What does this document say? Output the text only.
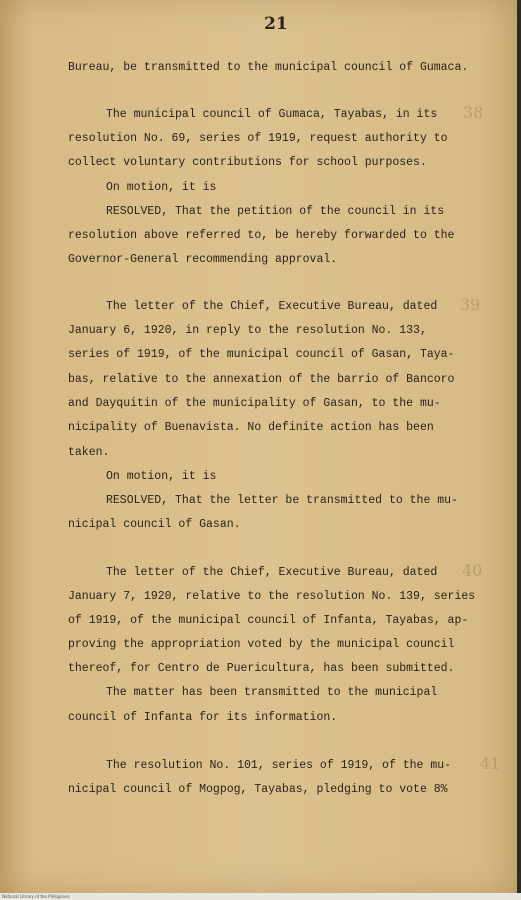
21
Bureau, be transmitted to the municipal council of Gumaca.
The municipal council of Gumaca, Tayabas, in its 38
resolution No. 69, series of 1919, request authority to
collect voluntary contributions for school purposes.
On motion, it is
RESOLVED, That the petition of the council in its
resolution above referred to, be hereby forwarded to the
Governor-General recommending approval.
The letter of the Chief, Executive Bureau, dated 39
January 6, 1920, in reply to the resolution No. 133,
series of 1919, of the municipal council of Gasan, Taya-
bas, relative to the annexation of the barrio of Bancoro
and Dayquitin of the municipality of Gasan, to the mu-
nicipality of Buenavista. No definite action has been
taken.
On motion, it is
RESOLVED, That the letter be transmitted to the mu-
nicipal council of Gasan.
The letter of the Chief, Executive Bureau, dated 40
January 7, 1920, relative to the resolution No. 139, series
of 1919, of the municipal council of Infanta, Tayabas, ap-
proving the appropriation voted by the municipal council
thereof, for Centro de Puericultura, has been submitted.
The matter has been transmitted to the municipal
council of Infanta for its information.
The resolution No. 101, series of 1919, of the mu- 41
nicipal council of Mogpog, Tayabas, pledging to vote 8%
National Library of the Philippines
